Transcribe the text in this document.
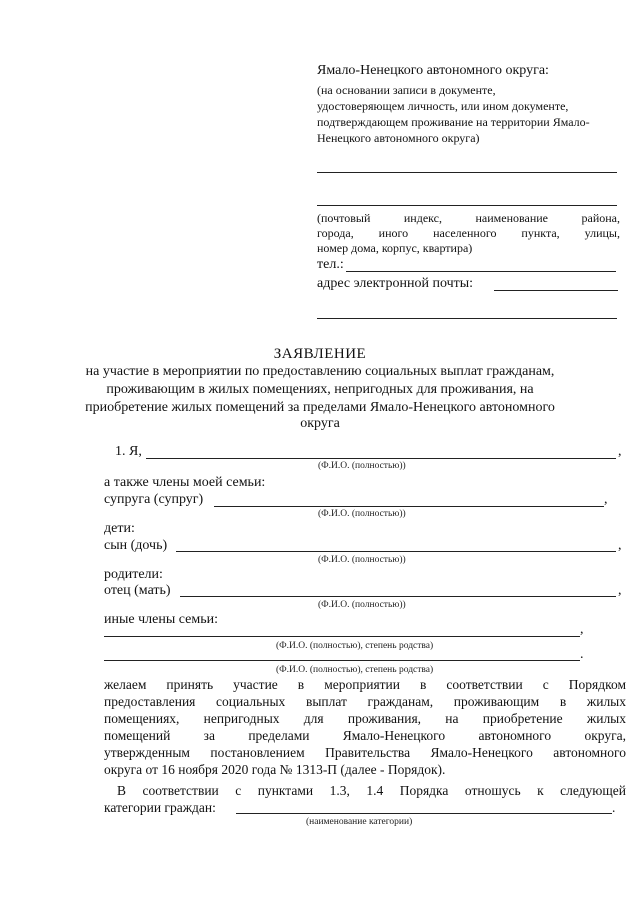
Ямало-Ненецкого автономного округа:
(на основании записи в документе,
удостоверяющем личность, или ином документе,
подтверждающем проживание на территории Ямало-
Ненецкого автономного округа)
(почтовый индекс, наименование района,
города, иного населенного пункта, улицы,
номер дома, корпус, квартира)
тел.:
адрес электронной почты:
ЗАЯВЛЕНИЕ
на участие в мероприятии по предоставлению социальных выплат гражданам,
проживающим в жилых помещениях, непригодных для проживания, на
приобретение жилых помещений за пределами Ямало-Ненецкого автономного
округа
1. Я,	,
(Ф.И.О. (полностью))
а также члены моей семьи:
супруга (супруг)	,
(Ф.И.О. (полностью))
дети:
сын (дочь)	,
(Ф.И.О. (полностью))
родители:
отец (мать)	,
(Ф.И.О. (полностью))
иные члены семьи:
,
(Ф.И.О. (полностью), степень родства)
.
(Ф.И.О. (полностью), степень родства)
желаем принять участие в мероприятии в соответствии с Порядком
предоставления социальных выплат гражданам, проживающим в жилых
помещениях, непригодных для проживания, на приобретение жилых
помещений за пределами Ямало-Ненецкого автономного округа,
утвержденным постановлением Правительства Ямало-Ненецкого автономного
округа от 16 ноября 2020 года № 1313-П (далее - Порядок).
В соответствии с пунктами 1.3, 1.4 Порядка отношусь к следующей
категории граждан:	.
(наименование категории)
